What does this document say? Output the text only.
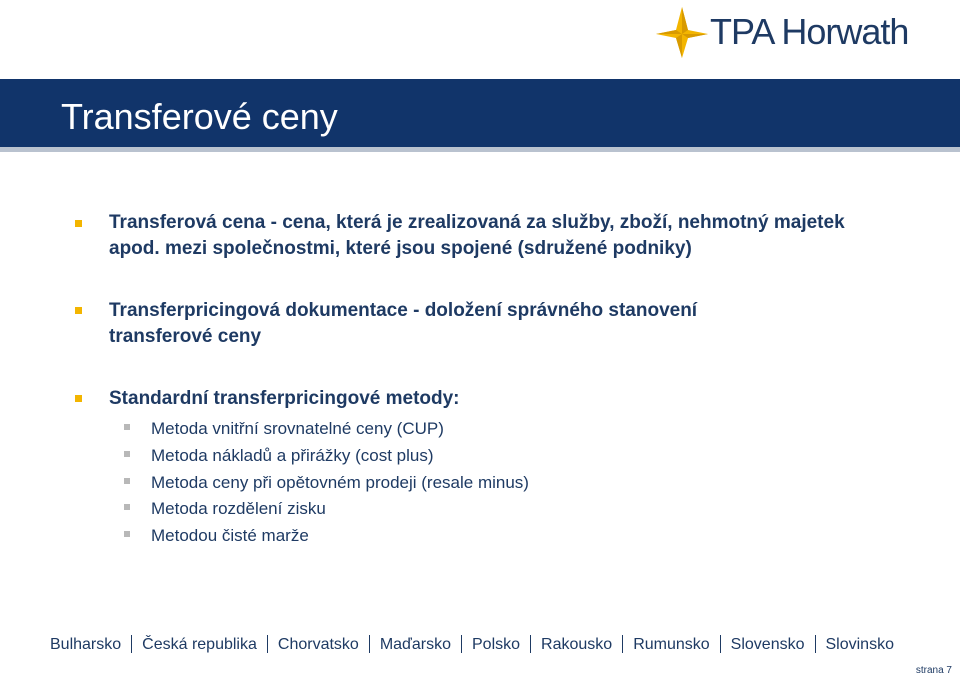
TPA Horwath
Transferové ceny
Transferová cena - cena, která je zrealizovaná za služby, zboží, nehmotný majetek apod. mezi společnostmi, které jsou spojené (sdružené podniky)
Transferpricingová dokumentace - doložení správného stanovení transferové ceny
Standardní transferpricingové metody:
Metoda vnitřní srovnatelné ceny (CUP)
Metoda nákladů a přirážky (cost plus)
Metoda ceny při opětovném prodeji (resale minus)
Metoda rozdělení zisku
Metodou čisté marže
Bulharsko Česká republika Chorvatsko Maďarsko Polsko Rakousko Rumunsko Slovensko Slovinsko
strana 7
